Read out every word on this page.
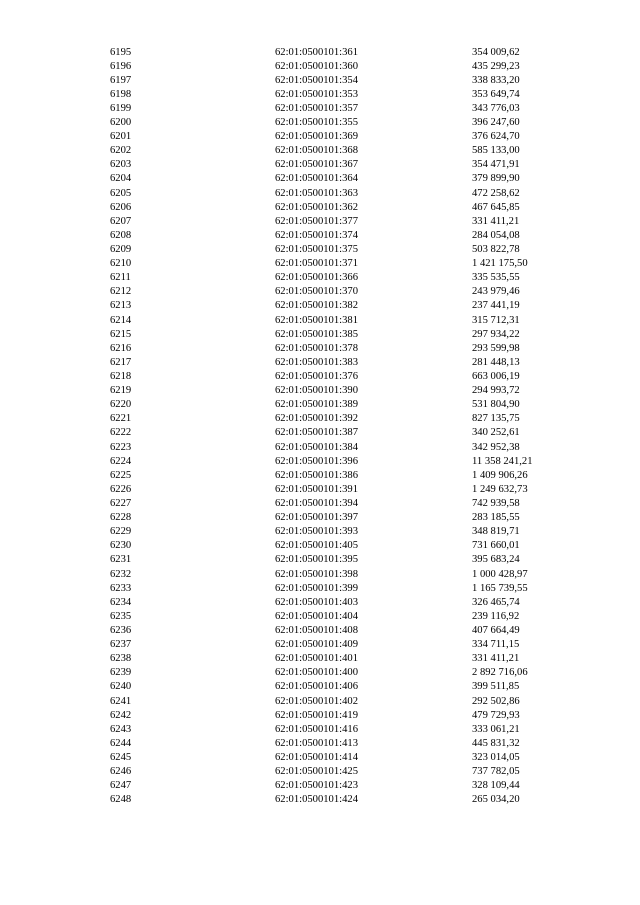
6195	62:01:0500101:361	354 009,62
6196	62:01:0500101:360	435 299,23
6197	62:01:0500101:354	338 833,20
6198	62:01:0500101:353	353 649,74
6199	62:01:0500101:357	343 776,03
6200	62:01:0500101:355	396 247,60
6201	62:01:0500101:369	376 624,70
6202	62:01:0500101:368	585 133,00
6203	62:01:0500101:367	354 471,91
6204	62:01:0500101:364	379 899,90
6205	62:01:0500101:363	472 258,62
6206	62:01:0500101:362	467 645,85
6207	62:01:0500101:377	331 411,21
6208	62:01:0500101:374	284 054,08
6209	62:01:0500101:375	503 822,78
6210	62:01:0500101:371	1 421 175,50
6211	62:01:0500101:366	335 535,55
6212	62:01:0500101:370	243 979,46
6213	62:01:0500101:382	237 441,19
6214	62:01:0500101:381	315 712,31
6215	62:01:0500101:385	297 934,22
6216	62:01:0500101:378	293 599,98
6217	62:01:0500101:383	281 448,13
6218	62:01:0500101:376	663 006,19
6219	62:01:0500101:390	294 993,72
6220	62:01:0500101:389	531 804,90
6221	62:01:0500101:392	827 135,75
6222	62:01:0500101:387	340 252,61
6223	62:01:0500101:384	342 952,38
6224	62:01:0500101:396	11 358 241,21
6225	62:01:0500101:386	1 409 906,26
6226	62:01:0500101:391	1 249 632,73
6227	62:01:0500101:394	742 939,58
6228	62:01:0500101:397	283 185,55
6229	62:01:0500101:393	348 819,71
6230	62:01:0500101:405	731 660,01
6231	62:01:0500101:395	395 683,24
6232	62:01:0500101:398	1 000 428,97
6233	62:01:0500101:399	1 165 739,55
6234	62:01:0500101:403	326 465,74
6235	62:01:0500101:404	239 116,92
6236	62:01:0500101:408	407 664,49
6237	62:01:0500101:409	334 711,15
6238	62:01:0500101:401	331 411,21
6239	62:01:0500101:400	2 892 716,06
6240	62:01:0500101:406	399 511,85
6241	62:01:0500101:402	292 502,86
6242	62:01:0500101:419	479 729,93
6243	62:01:0500101:416	333 061,21
6244	62:01:0500101:413	445 831,32
6245	62:01:0500101:414	323 014,05
6246	62:01:0500101:425	737 782,05
6247	62:01:0500101:423	328 109,44
6248	62:01:0500101:424	265 034,20
